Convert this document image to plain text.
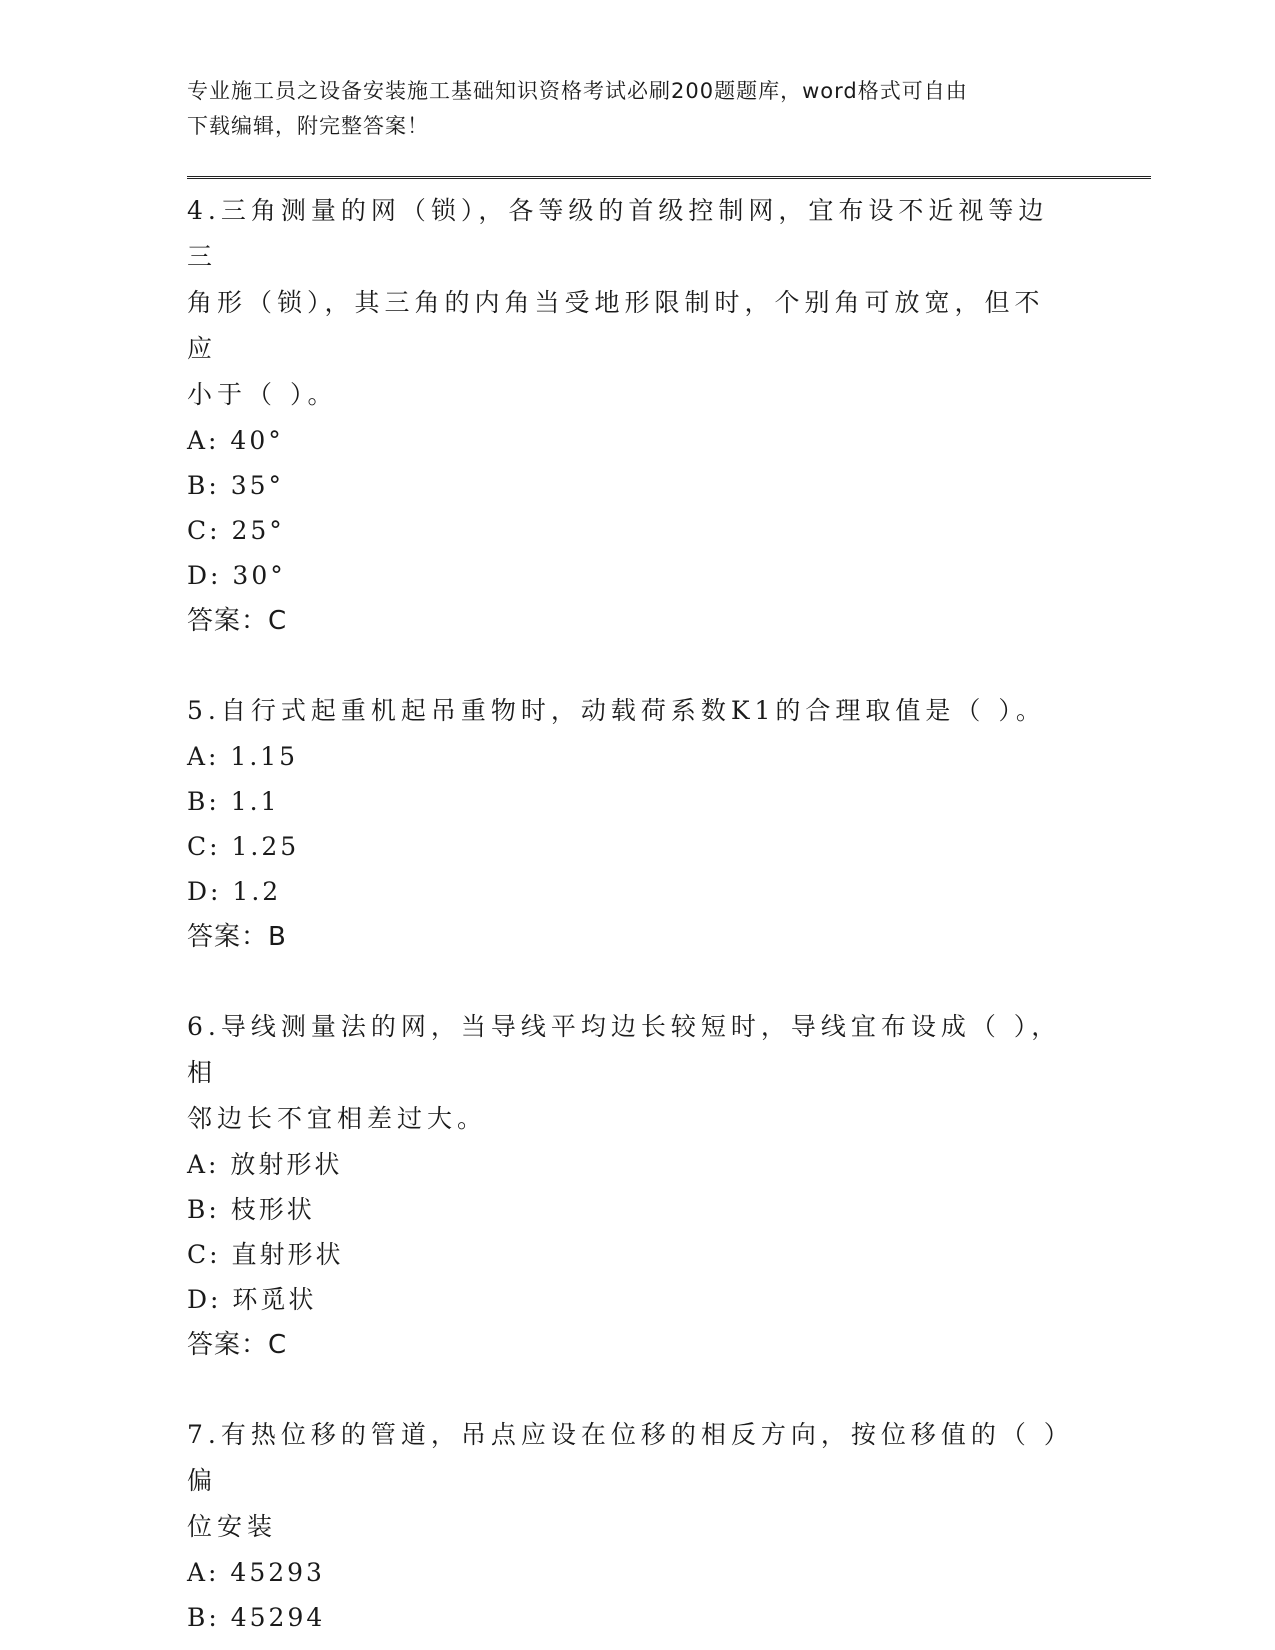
专业施工员之设备安装施工基础知识资格考试必刷200题题库，word格式可自由
下载编辑，附完整答案！

4.三角测量的网（锁），各等级的首级控制网，宜布设不近视等边三

角形（锁），其三角的内角当受地形限制时，个别角可放宽，但不应

小于（ ）。

A: 40°

B: 35°

C: 25°

D: 30°

答案：C

5.自行式起重机起吊重物时，动载荷系数K1的合理取值是（ ）。

A: 1.15

B: 1.1

C: 1.25

D: 1.2

答案：B

6.导线测量法的网，当导线平均边长较短时，导线宜布设成（ ），相

邻边长不宜相差过大。

A: 放射形状

B: 枝形状

C: 直射形状

D: 环觅状

答案：C

7.有热位移的管道，吊点应设在位移的相反方向，按位移值的（ ）偏

位安装

A: 45293

B: 45294
